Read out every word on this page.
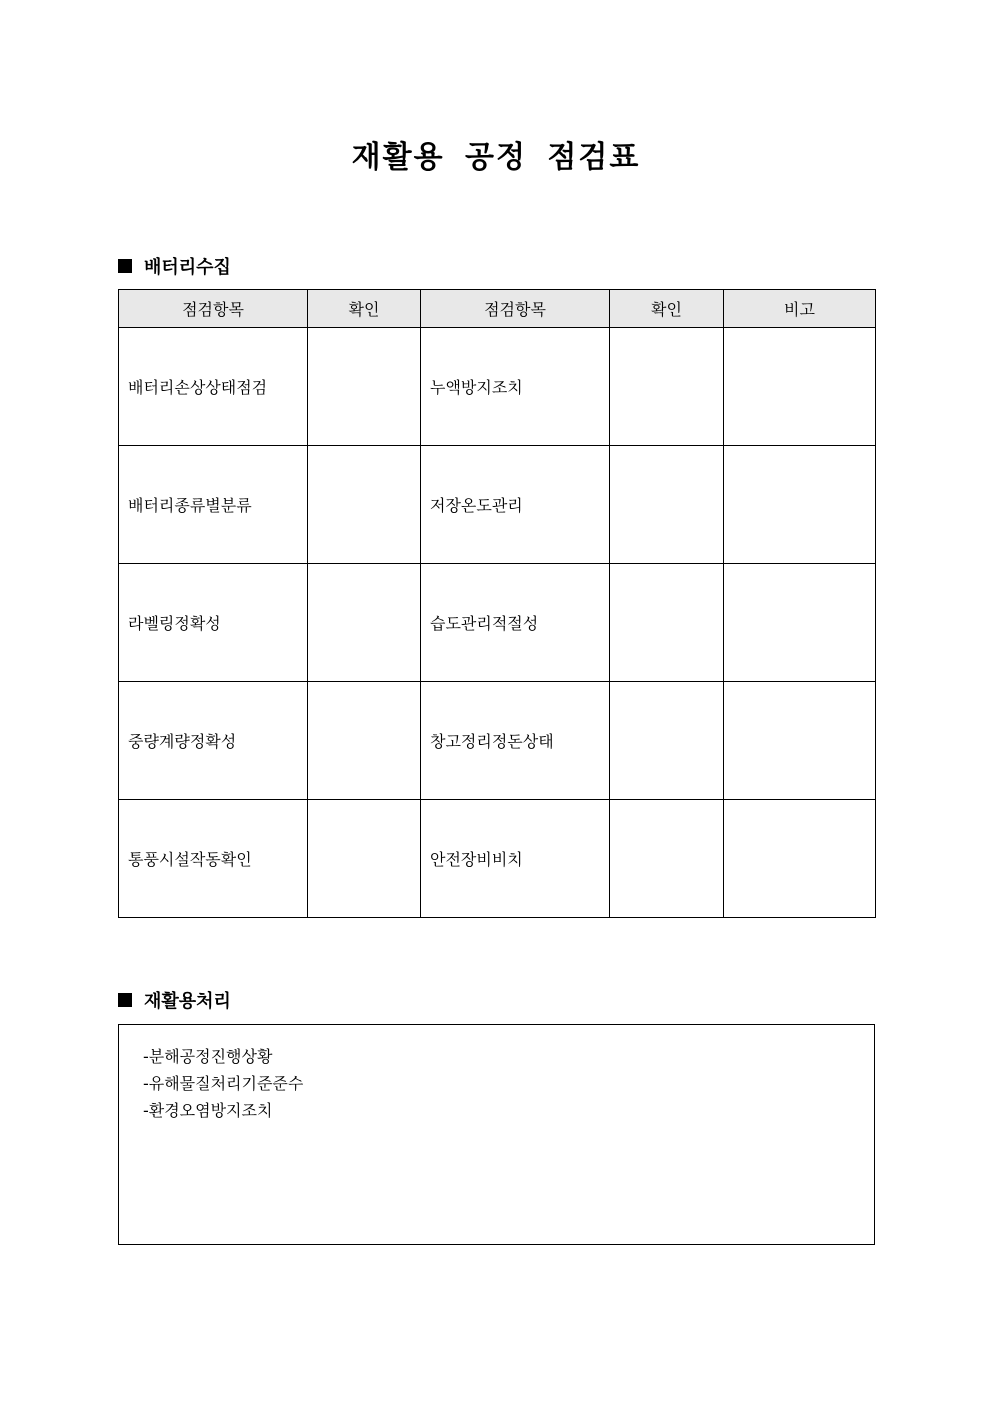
재활용 공정 점검표
배터리수집
점검항목	확인	점검항목	확인	비고
배터리손상상태점검		누액방지조치		
배터리종류별분류		저장온도관리		
라벨링정확성		습도관리적절성		
중량계량정확성		창고정리정돈상태		
통풍시설작동확인		안전장비비치		
재활용처리
-분해공정진행상황
-유해물질처리기준준수
-환경오염방지조치
